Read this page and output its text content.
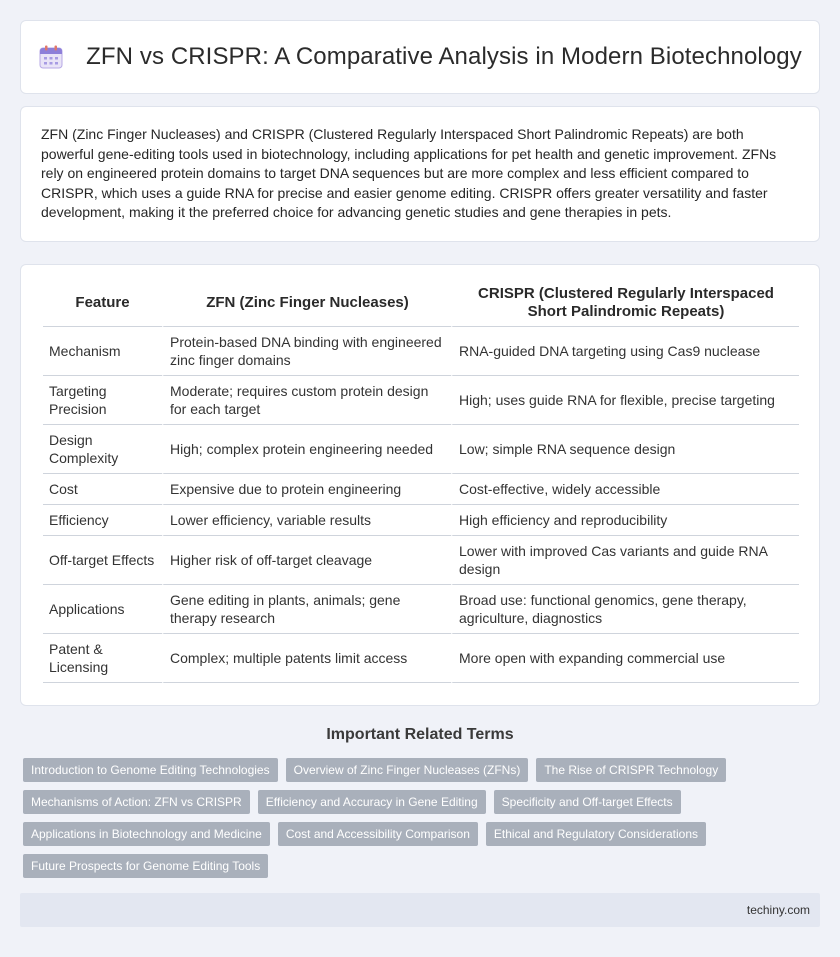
ZFN vs CRISPR: A Comparative Analysis in Modern Biotechnology

ZFN (Zinc Finger Nucleases) and CRISPR (Clustered Regularly Interspaced Short Palindromic Repeats) are both powerful gene-editing tools used in biotechnology, including applications for pet health and genetic improvement. ZFNs rely on engineered protein domains to target DNA sequences but are more complex and less efficient compared to CRISPR, which uses a guide RNA for precise and easier genome editing. CRISPR offers greater versatility and faster development, making it the preferred choice for advancing genetic studies and gene therapies in pets.

Feature	ZFN (Zinc Finger Nucleases)	CRISPR (Clustered Regularly Interspaced Short Palindromic Repeats)
Mechanism	Protein-based DNA binding with engineered zinc finger domains	RNA-guided DNA targeting using Cas9 nuclease
Targeting Precision	Moderate; requires custom protein design for each target	High; uses guide RNA for flexible, precise targeting
Design Complexity	High; complex protein engineering needed	Low; simple RNA sequence design
Cost	Expensive due to protein engineering	Cost-effective, widely accessible
Efficiency	Lower efficiency, variable results	High efficiency and reproducibility
Off-target Effects	Higher risk of off-target cleavage	Lower with improved Cas variants and guide RNA design
Applications	Gene editing in plants, animals; gene therapy research	Broad use: functional genomics, gene therapy, agriculture, diagnostics
Patent & Licensing	Complex; multiple patents limit access	More open with expanding commercial use
Important Related Terms
Introduction to Genome Editing Technologies	Overview of Zinc Finger Nucleases (ZFNs)	The Rise of CRISPR Technology
Mechanisms of Action: ZFN vs CRISPR	Efficiency and Accuracy in Gene Editing	Specificity and Off-target Effects
Applications in Biotechnology and Medicine	Cost and Accessibility Comparison	Ethical and Regulatory Considerations
Future Prospects for Genome Editing Tools
techiny.com
